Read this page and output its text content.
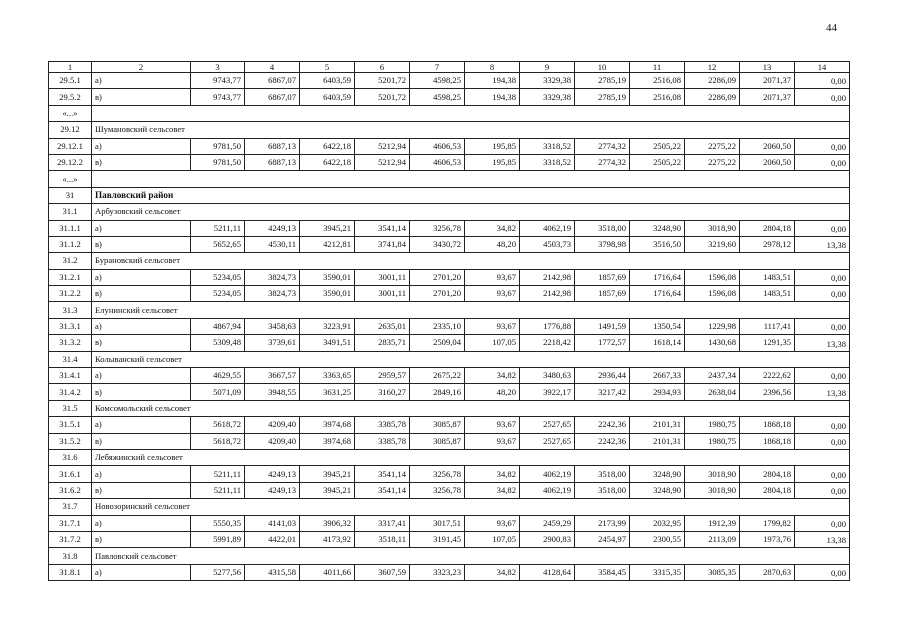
44
1	2	3	4	5	6	7	8	9	10	11	12	13	14
29.5.1	а)	9743,77	6867,07	6403,59	5201,72	4598,25	194,38	3329,38	2785,19	2516,08	2286,09	2071,37	0,00
29.5.2	в)	9743,77	6867,07	6403,59	5201,72	4598,25	194,38	3329,38	2785,19	2516,08	2286,09	2071,37	0,00
«...»													
29.12	Шумановский сельсовет												
29.12.1	а)	9781,50	6887,13	6422,18	5212,94	4606,53	195,85	3318,52	2774,32	2505,22	2275,22	2060,50	0,00
29.12.2	в)	9781,50	6887,13	6422,18	5212,94	4606,53	195,85	3318,52	2774,32	2505,22	2275,22	2060,50	0,00
«...»													
31	Павловский район												
31.1	Арбузовский сельсовет												
31.1.1	а)	5211,11	4249,13	3945,21	3541,14	3256,78	34,82	4062,19	3518,00	3248,90	3018,90	2804,18	0,00
31.1.2	в)	5652,65	4530,11	4212,81	3741,84	3430,72	48,20	4503,73	3798,98	3516,50	3219,60	2978,12	13,38
31.2	Бурановский сельсовет												
31.2.1	а)	5234,05	3824,73	3590,01	3001,11	2701,20	93,67	2142,98	1857,69	1716,64	1596,08	1483,51	0,00
31.2.2	в)	5234,05	3824,73	3590,01	3001,11	2701,20	93,67	2142,98	1857,69	1716,64	1596,08	1483,51	0,00
31.3	Елунинский сельсовет												
31.3.1	а)	4867,94	3458,63	3223,91	2635,01	2335,10	93,67	1776,88	1491,59	1350,54	1229,98	1117,41	0,00
31.3.2	в)	5309,48	3739,61	3491,51	2835,71	2509,04	107,05	2218,42	1772,57	1618,14	1430,68	1291,35	13,38
31.4	Колыванский сельсовет												
31.4.1	а)	4629,55	3667,57	3363,65	2959,57	2675,22	34,82	3480,63	2936,44	2667,33	2437,34	2222,62	0,00
31.4.2	в)	5071,09	3948,55	3631,25	3160,27	2849,16	48,20	3922,17	3217,42	2934,93	2638,04	2396,56	13,38
31.5	Комсомольский сельсовет												
31.5.1	а)	5618,72	4209,40	3974,68	3385,78	3085,87	93,67	2527,65	2242,36	2101,31	1980,75	1868,18	0,00
31.5.2	в)	5618,72	4209,40	3974,68	3385,78	3085,87	93,67	2527,65	2242,36	2101,31	1980,75	1868,18	0,00
31.6	Лебяжинский сельсовет												
31.6.1	а)	5211,11	4249,13	3945,21	3541,14	3256,78	34,82	4062,19	3518,00	3248,90	3018,90	2804,18	0,00
31.6.2	в)	5211,11	4249,13	3945,21	3541,14	3256,78	34,82	4062,19	3518,00	3248,90	3018,90	2804,18	0,00
31.7	Новозоринский сельсовет												
31.7.1	а)	5550,35	4141,03	3906,32	3317,41	3017,51	93,67	2459,29	2173,99	2032,95	1912,39	1799,82	0,00
31.7.2	в)	5991,89	4422,01	4173,92	3518,11	3191,45	107,05	2900,83	2454,97	2300,55	2113,09	1973,76	13,38
31.8	Павловский сельсовет												
31.8.1	а)	5277,56	4315,58	4011,66	3607,59	3323,23	34,82	4128,64	3584,45	3315,35	3085,35	2870,63	0,00
